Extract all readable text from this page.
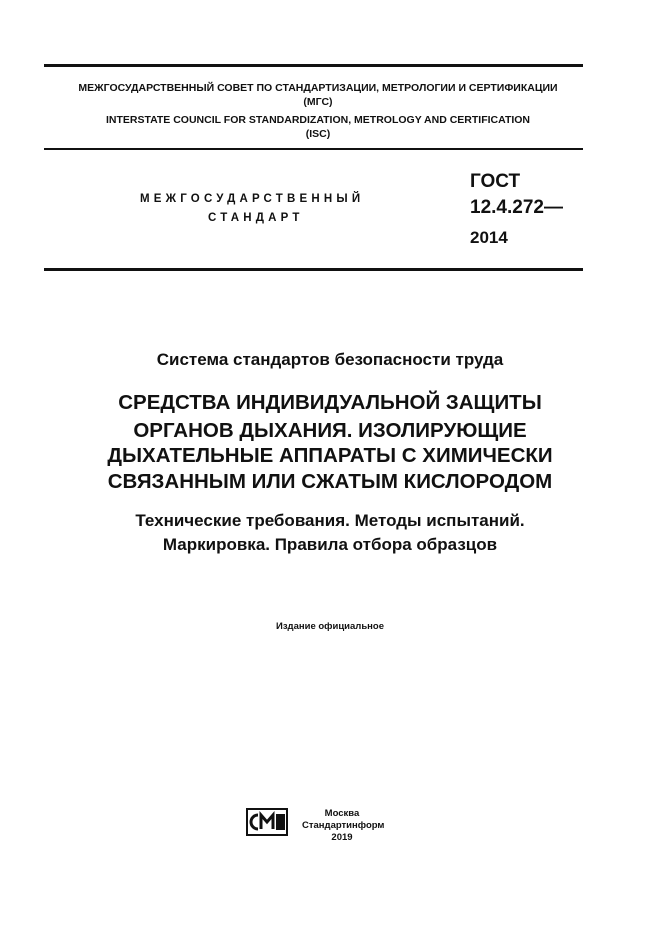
МЕЖГОСУДАРСТВЕННЫЙ СОВЕТ ПО СТАНДАРТИЗАЦИИ, МЕТРОЛОГИИ И СЕРТИФИКАЦИИ
(МГС)
INTERSTATE COUNCIL FOR STANDARDIZATION, METROLOGY AND CERTIFICATION
(ISC)
МЕЖГОСУДАРСТВЕННЫЙ
СТАНДАРТ
ГОСТ
12.4.272—
2014
Система стандартов безопасности труда
СРЕДСТВА ИНДИВИДУАЛЬНОЙ ЗАЩИТЫ
ОРГАНОВ ДЫХАНИЯ. ИЗОЛИРУЮЩИЕ
ДЫХАТЕЛЬНЫЕ АППАРАТЫ С ХИМИЧЕСКИ
СВЯЗАННЫМ ИЛИ СЖАТЫМ КИСЛОРОДОМ
Технические требования. Методы испытаний.
Маркировка. Правила отбора образцов
Издание официальное
Москва
Стандартинформ
2019
